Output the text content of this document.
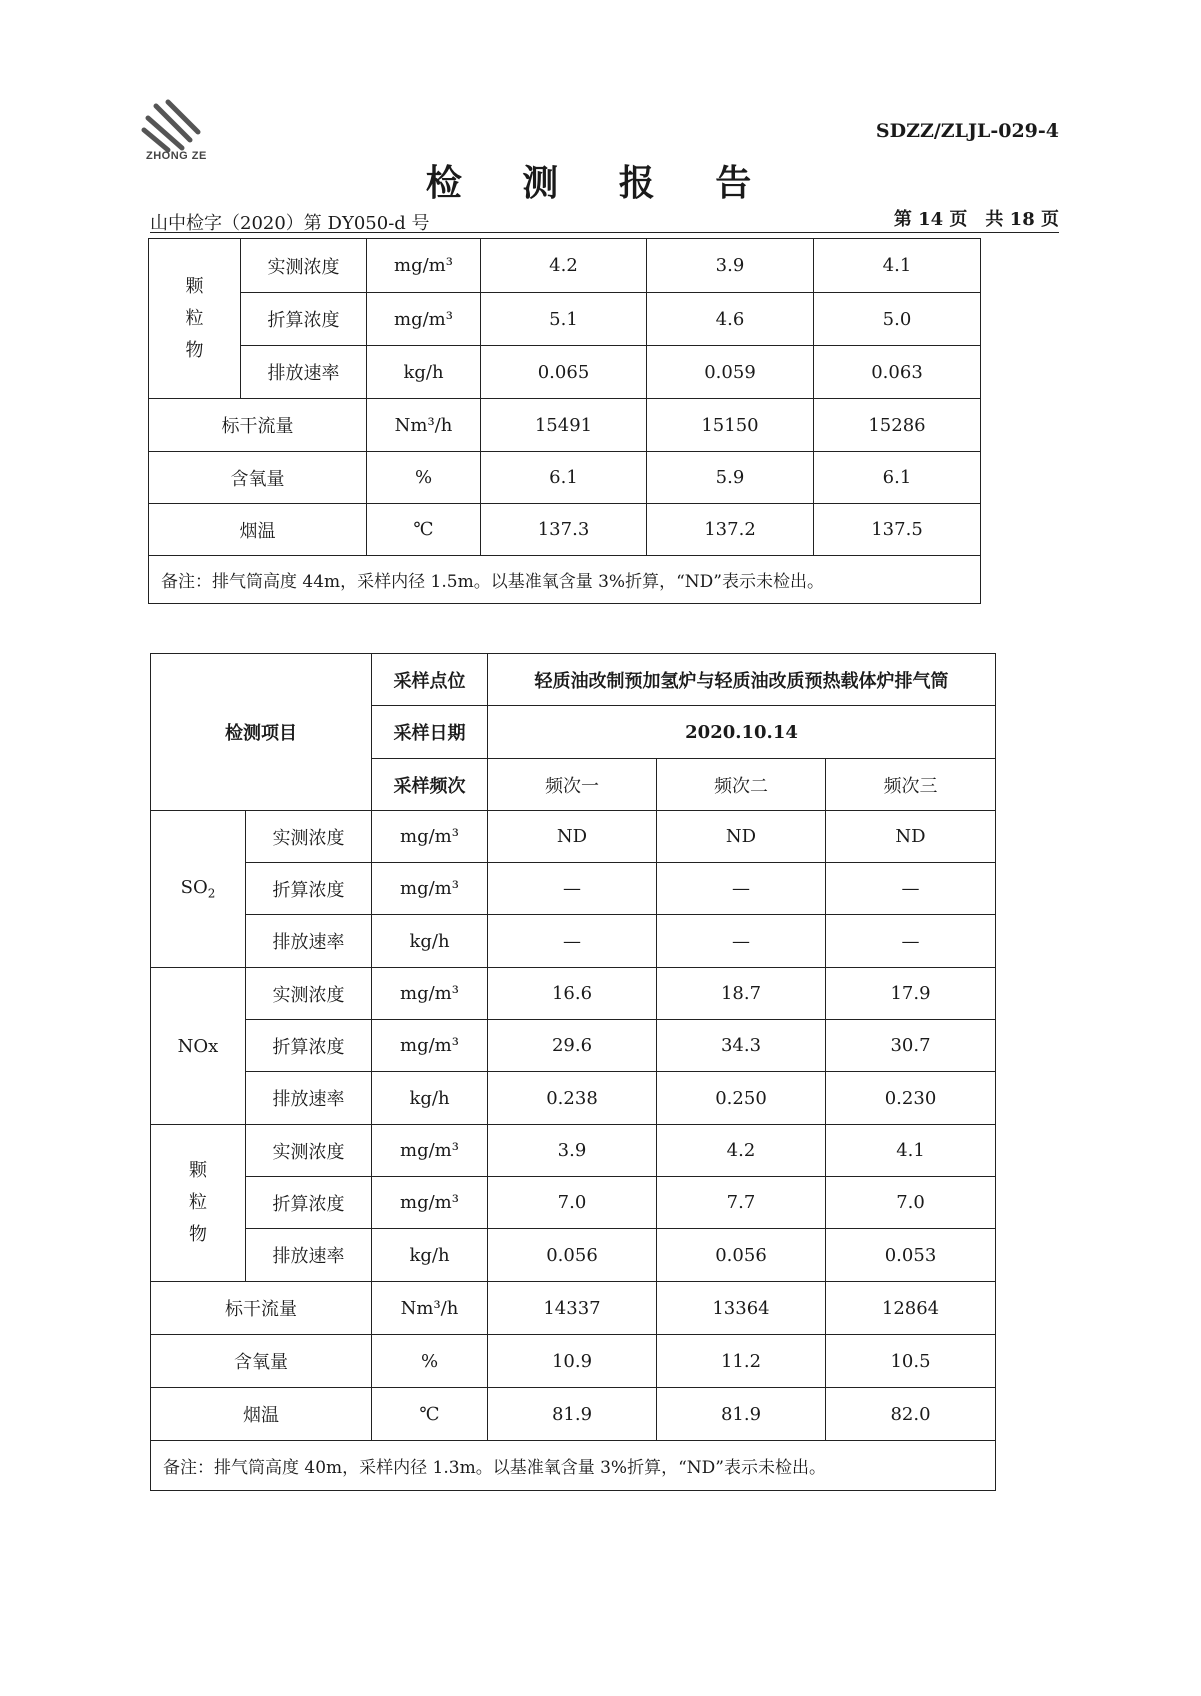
ZHONG ZE
SDZZ/ZLJL-029-4
检 测 报 告
山中检字（2020）第 DY050-d 号	第 14 页　共 18 页
颗
粒
物	实测浓度	mg/m³	4.2	3.9	4.1
	折算浓度	mg/m³	5.1	4.6	5.0
	排放速率	kg/h	0.065	0.059	0.063
标干流量		Nm³/h	15491	15150	15286
含氧量		%	6.1	5.9	6.1
烟温		℃	137.3	137.2	137.5
备注：排气筒高度 44m，采样内径 1.5m。以基准氧含量 3%折算，“ND”表示未检出。					
检测项目		采样点位	轻质油改制预加氢炉与轻质油改质预热载体炉排气筒		
		采样日期	2020.10.14		
		采样频次	频次一	频次二	频次三
$SO_2$	实测浓度	mg/m³	ND	ND	ND
	折算浓度	mg/m³	—	—	—
	排放速率	kg/h	—	—	—
NOx	实测浓度	mg/m³	16.6	18.7	17.9
	折算浓度	mg/m³	29.6	34.3	30.7
	排放速率	kg/h	0.238	0.250	0.230

颗
粒
物	实测浓度	mg/m³	3.9	4.2	4.1
	折算浓度	mg/m³	7.0	7.7	7.0
	排放速率	kg/h	0.056	0.056	0.053
标干流量		Nm³/h	14337	13364	12864
含氧量		%	10.9	11.2	10.5
烟温		℃	81.9	81.9	82.0
备注：排气筒高度 40m，采样内径 1.3m。以基准氧含量 3%折算，“ND”表示未检出。					
